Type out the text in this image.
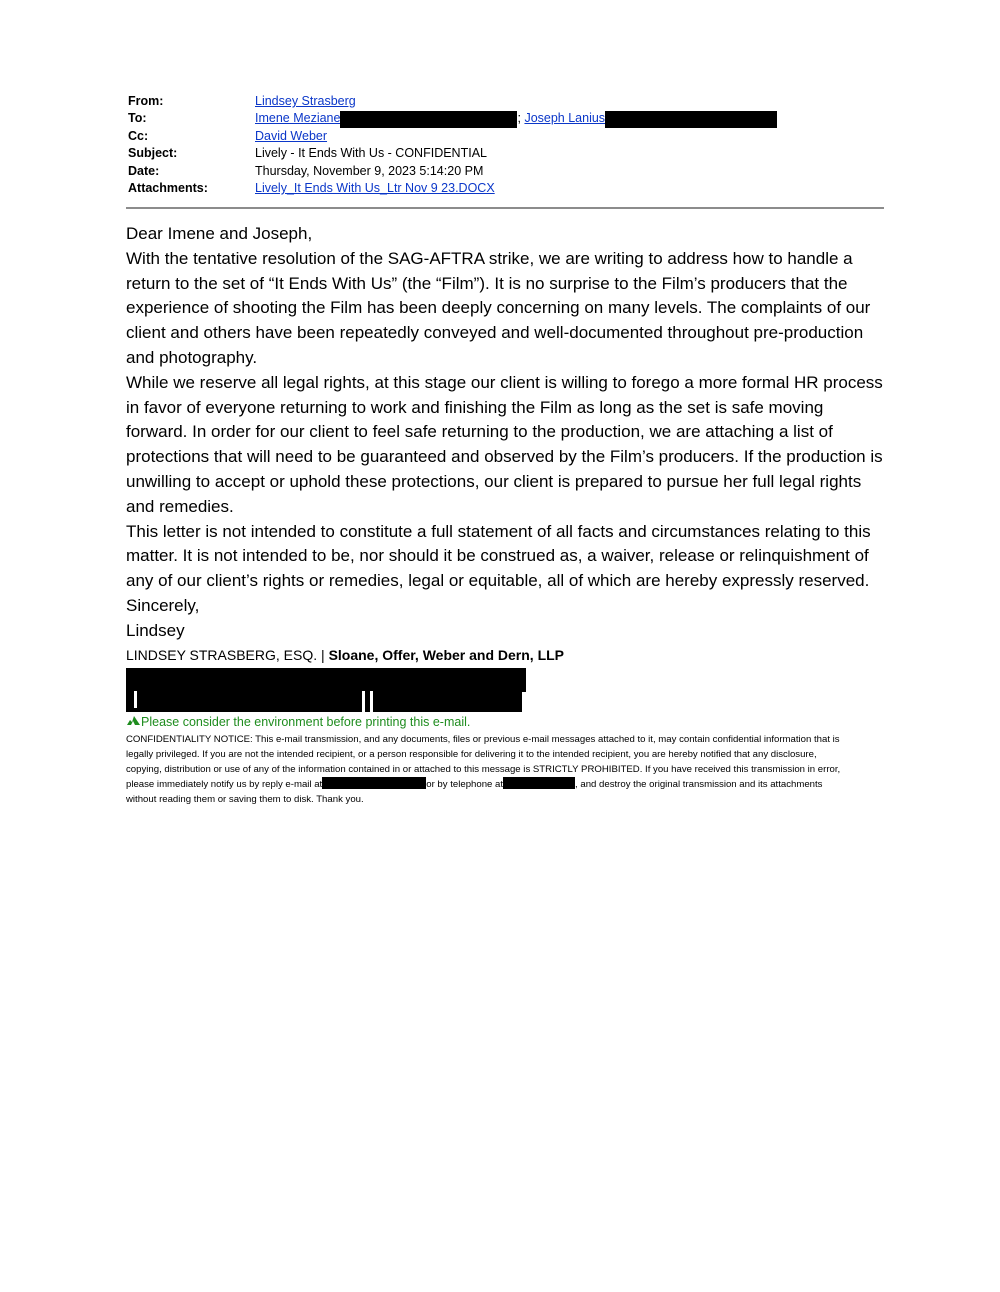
From:	Lindsey Strasberg
To:	Imene Meziane	; Joseph Lanius
Cc:	David Weber
Subject:	Lively - It Ends With Us - CONFIDENTIAL
Date:	Thursday, November 9, 2023 5:14:20 PM
Attachments:	Lively_It Ends With Us_Ltr Nov 9 23.DOCX

Dear Imene and Joseph,

With the tentative resolution of the SAG-AFTRA strike, we are writing to address how to handle a return to the set of “It Ends With Us” (the “Film”). It is no surprise to the Film’s producers that the experience of shooting the Film has been deeply concerning on many levels. The complaints of our client and others have been repeatedly conveyed and well-documented throughout pre-production and photography.

While we reserve all legal rights, at this stage our client is willing to forego a more formal HR process in favor of everyone returning to work and finishing the Film as long as the set is safe moving forward. In order for our client to feel safe returning to the production, we are attaching a list of protections that will need to be guaranteed and observed by the Film’s producers. If the production is unwilling to accept or uphold these protections, our client is prepared to pursue her full legal rights and remedies.

This letter is not intended to constitute a full statement of all facts and circumstances relating to this matter. It is not intended to be, nor should it be construed as, a waiver, release or relinquishment of any of our client’s rights or remedies, legal or equitable, all of which are hereby expressly reserved.

Sincerely,

Lindsey

LINDSEY STRASBERG, ESQ. | Sloane, Offer, Weber and Dern, LLP
Please consider the environment before printing this e-mail.
CONFIDENTIALITY NOTICE: This e-mail transmission, and any documents, files or previous e-mail messages attached to it, may contain confidential information that is
legally privileged. If you are not the intended recipient, or a person responsible for delivering it to the intended recipient, you are hereby notified that any disclosure,
copying, distribution or use of any of the information contained in or attached to this message is STRICTLY PROHIBITED. If you have received this transmission in error,
please immediately notify us by reply e-mail at	or by telephone at	, and destroy the original transmission and its attachments
without reading them or saving them to disk. Thank you.
